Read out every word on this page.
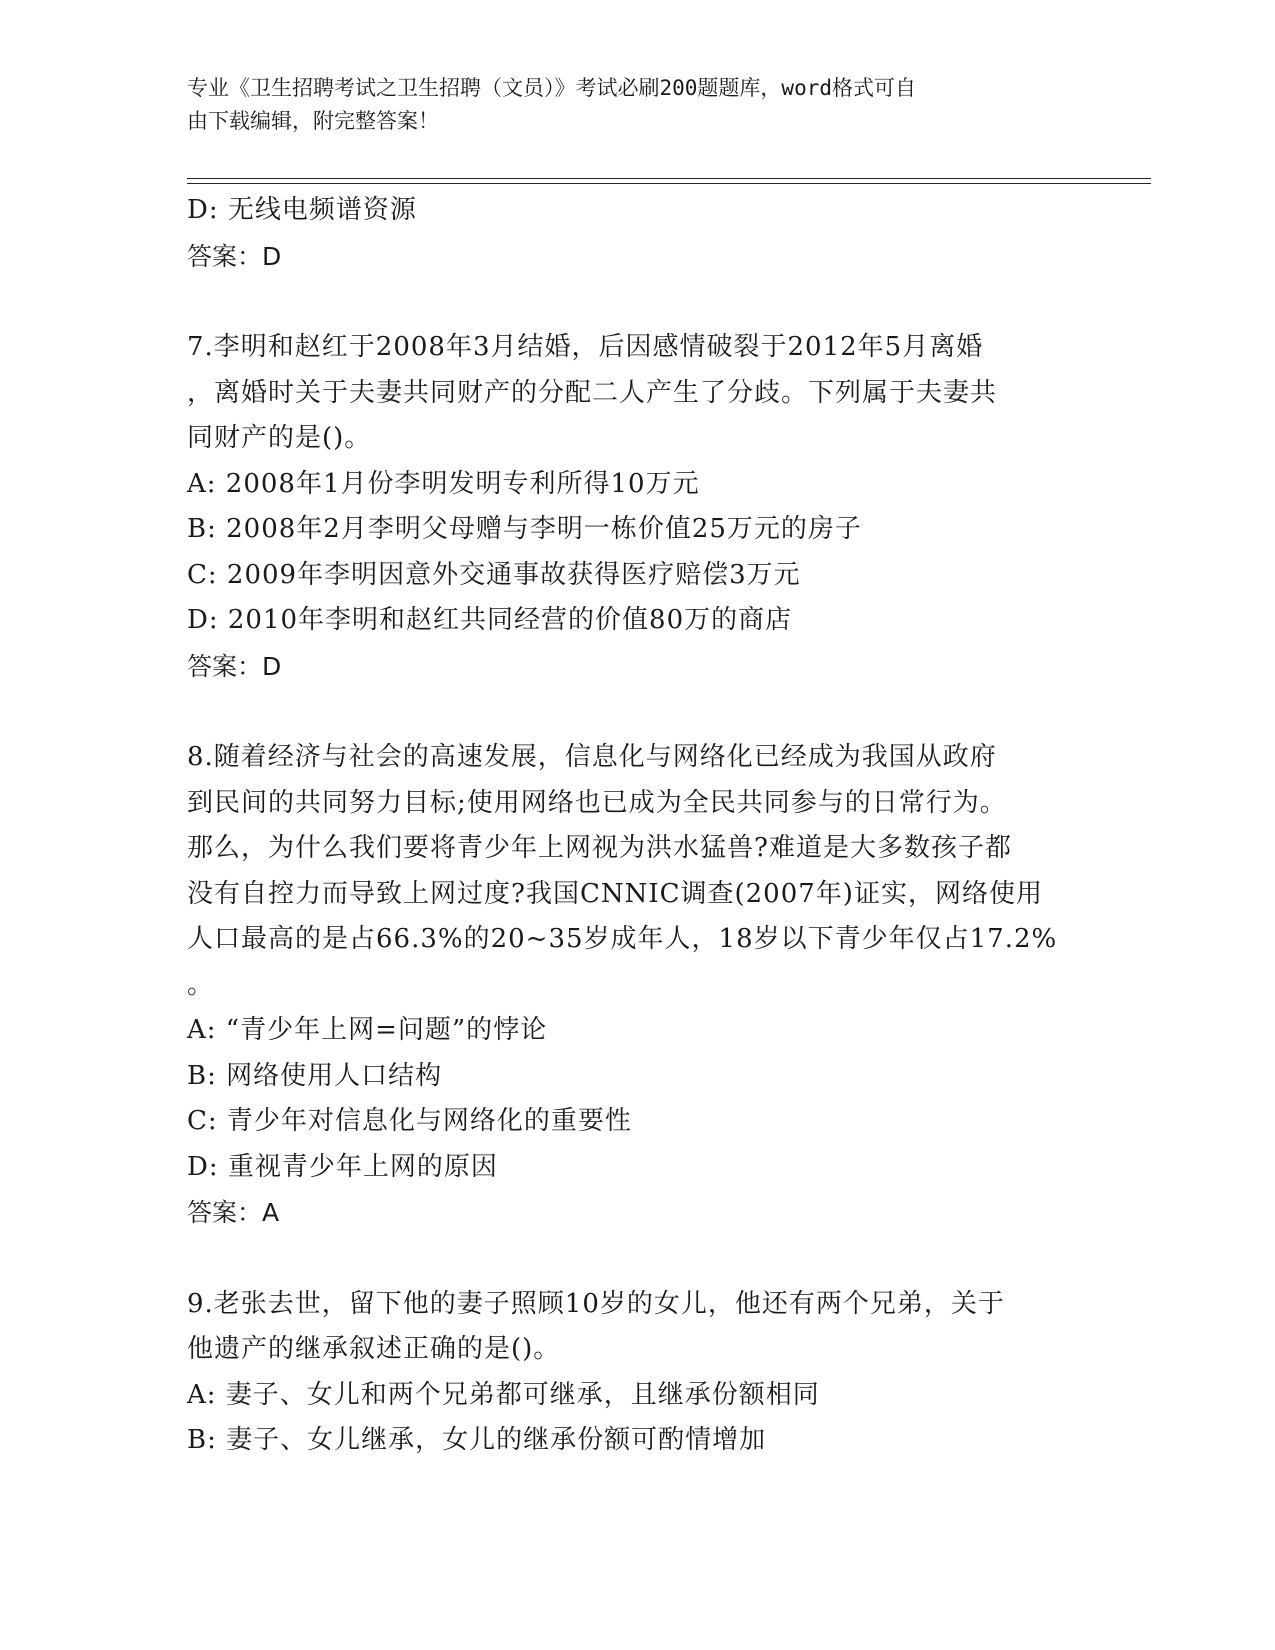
专业《卫生招聘考试之卫生招聘（文员）》考试必刷200题题库，word格式可自

由下载编辑，附完整答案！

D: 无线电频谱资源

答案：D

7.李明和赵红于2008年3月结婚，后因感情破裂于2012年5月离婚

，离婚时关于夫妻共同财产的分配二人产生了分歧。下列属于夫妻共

同财产的是()。

A: 2008年1月份李明发明专利所得10万元

B: 2008年2月李明父母赠与李明一栋价值25万元的房子

C: 2009年李明因意外交通事故获得医疗赔偿3万元

D: 2010年李明和赵红共同经营的价值80万的商店

答案：D

8.随着经济与社会的高速发展，信息化与网络化已经成为我国从政府

到民间的共同努力目标;使用网络也已成为全民共同参与的日常行为。

那么，为什么我们要将青少年上网视为洪水猛兽?难道是大多数孩子都

没有自控力而导致上网过度?我国CNNIC调查(2007年)证实，网络使用

人口最高的是占66.3%的20~35岁成年人，18岁以下青少年仅占17.2%

。

A: “青少年上网=问题”的悖论

B: 网络使用人口结构

C: 青少年对信息化与网络化的重要性

D: 重视青少年上网的原因

答案：A

9.老张去世，留下他的妻子照顾10岁的女儿，他还有两个兄弟，关于

他遗产的继承叙述正确的是()。

A: 妻子、女儿和两个兄弟都可继承，且继承份额相同

B: 妻子、女儿继承，女儿的继承份额可酌情增加
